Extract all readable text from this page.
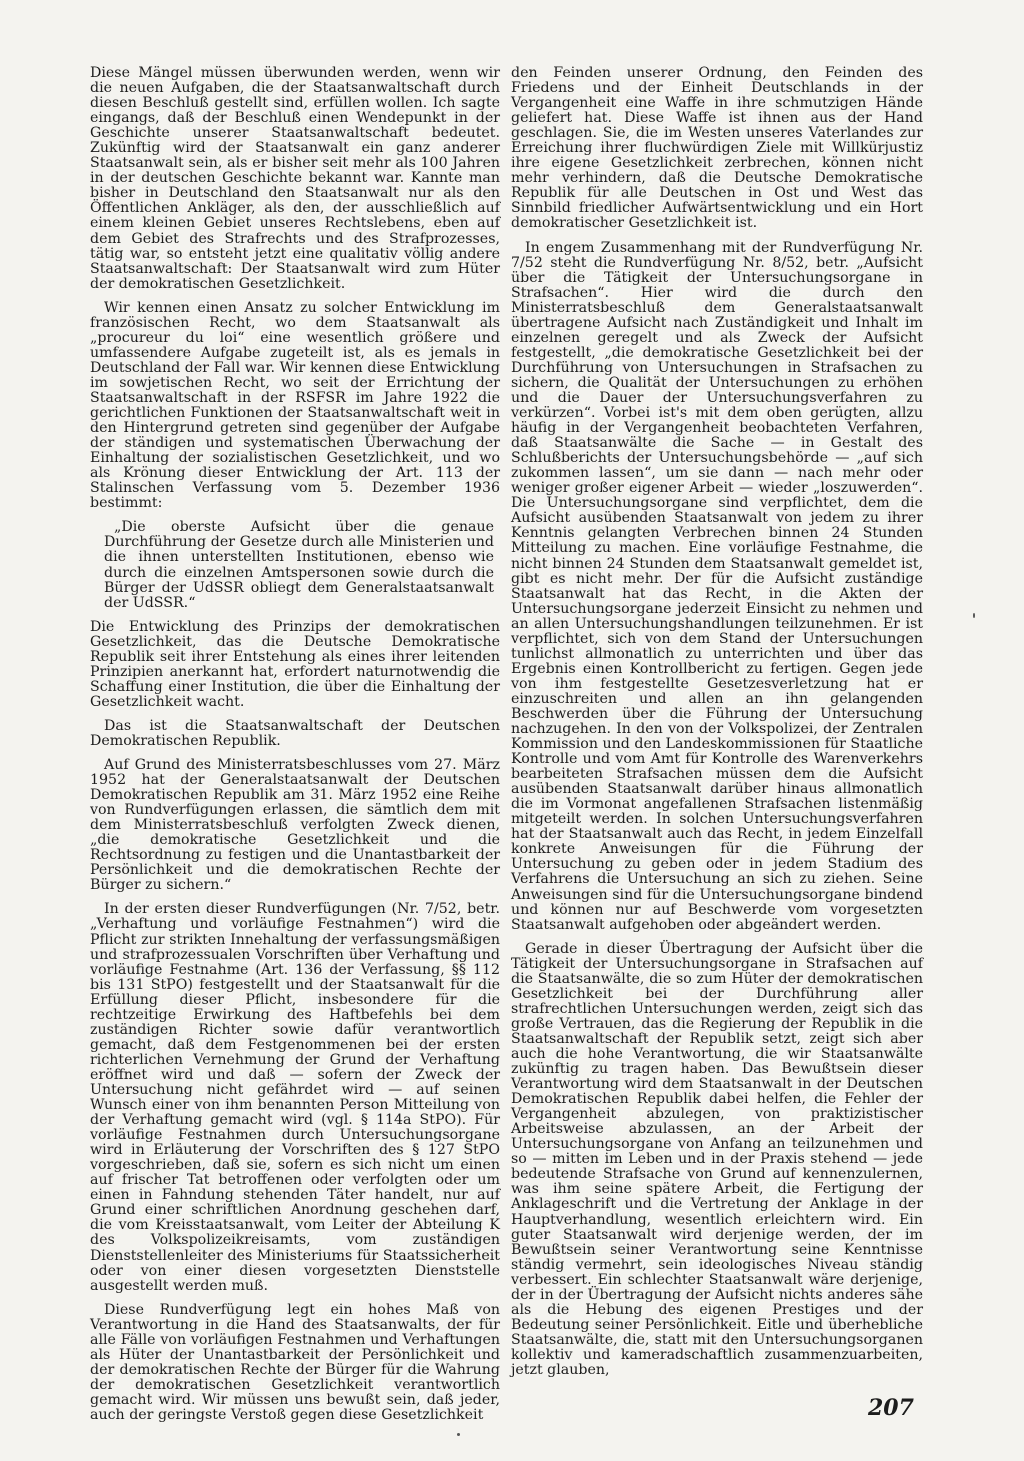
Diese Mängel müssen überwunden werden, wenn wir die neuen Aufgaben, die der Staatsanwaltschaft durch diesen Beschluß gestellt sind, erfüllen wollen. Ich sagte eingangs, daß der Beschluß einen Wendepunkt in der Geschichte unserer Staatsanwaltschaft bedeutet. Zukünftig wird der Staatsanwalt ein ganz anderer Staatsanwalt sein, als er bisher seit mehr als 100 Jahren in der deutschen Geschichte bekannt war. Kannte man bisher in Deutschland den Staatsanwalt nur als den Öffentlichen Ankläger, als den, der ausschließlich auf einem kleinen Gebiet unseres Rechtslebens, eben auf dem Gebiet des Strafrechts und des Strafprozesses, tätig war, so entsteht jetzt eine qualitativ völlig andere Staatsanwaltschaft: Der Staatsanwalt wird zum Hüter der demokratischen Gesetzlichkeit.

Wir kennen einen Ansatz zu solcher Entwicklung im französischen Recht, wo dem Staatsanwalt als „procureur du loi“ eine wesentlich größere und umfassendere Aufgabe zugeteilt ist, als es jemals in Deutschland der Fall war. Wir kennen diese Entwicklung im sowjetischen Recht, wo seit der Errichtung der Staatsanwaltschaft in der RSFSR im Jahre 1922 die gerichtlichen Funktionen der Staatsanwaltschaft weit in den Hintergrund getreten sind gegenüber der Aufgabe der ständigen und systematischen Überwachung der Einhaltung der sozialistischen Gesetzlichkeit, und wo als Krönung dieser Entwicklung der Art. 113 der Stalinschen Verfassung vom 5. Dezember 1936 bestimmt:

„Die oberste Aufsicht über die genaue Durchführung der Gesetze durch alle Ministerien und die ihnen unterstellten Institutionen, ebenso wie durch die einzelnen Amtspersonen sowie durch die Bürger der UdSSR obliegt dem Generalstaatsanwalt der UdSSR.“

Die Entwicklung des Prinzips der demokratischen Gesetzlichkeit, das die Deutsche Demokratische Republik seit ihrer Entstehung als eines ihrer leitenden Prinzipien anerkannt hat, erfordert naturnotwendig die Schaffung einer Institution, die über die Einhaltung der Gesetzlichkeit wacht.

Das ist die Staatsanwaltschaft der Deutschen Demokratischen Republik.

Auf Grund des Ministerratsbeschlusses vom 27. März 1952 hat der Generalstaatsanwalt der Deutschen Demokratischen Republik am 31. März 1952 eine Reihe von Rundverfügungen erlassen, die sämtlich dem mit dem Ministerratsbeschluß verfolgten Zweck dienen, „die demokratische Gesetzlichkeit und die Rechtsordnung zu festigen und die Unantastbarkeit der Persönlichkeit und die demokratischen Rechte der Bürger zu sichern.“

In der ersten dieser Rundverfügungen (Nr. 7/52, betr. „Verhaftung und vorläufige Festnahmen“) wird die Pflicht zur strikten Innehaltung der verfassungsmäßigen und strafprozessualen Vorschriften über Verhaftung und vorläufige Festnahme (Art. 136 der Verfassung, §§ 112 bis 131 StPO) festgestellt und der Staatsanwalt für die Erfüllung dieser Pflicht, insbesondere für die rechtzeitige Erwirkung des Haftbefehls bei dem zuständigen Richter sowie dafür verantwortlich gemacht, daß dem Festgenommenen bei der ersten richterlichen Vernehmung der Grund der Verhaftung eröffnet wird und daß — sofern der Zweck der Untersuchung nicht gefährdet wird — auf seinen Wunsch einer von ihm benannten Person Mitteilung von der Verhaftung gemacht wird (vgl. § 114a StPO). Für vorläufige Festnahmen durch Untersuchungsorgane wird in Erläuterung der Vorschriften des § 127 StPO vorgeschrieben, daß sie, sofern es sich nicht um einen auf frischer Tat betroffenen oder verfolgten oder um einen in Fahndung stehenden Täter handelt, nur auf Grund einer schriftlichen Anordnung geschehen darf, die vom Kreisstaatsanwalt, vom Leiter der Abteilung K des Volkspolizeikreisamts, vom zuständigen Dienststellenleiter des Ministeriums für Staatssicherheit oder von einer diesen vorgesetzten Dienststelle ausgestellt werden muß.

Diese Rundverfügung legt ein hohes Maß von Verantwortung in die Hand des Staatsanwalts, der für alle Fälle von vorläufigen Festnahmen und Verhaftungen als Hüter der Unantastbarkeit der Persönlichkeit und der demokratischen Rechte der Bürger für die Wahrung der demokratischen Gesetzlichkeit verantwortlich gemacht wird. Wir müssen uns bewußt sein, daß jeder, auch der geringste Verstoß gegen diese Gesetzlichkeit

den Feinden unserer Ordnung, den Feinden des Friedens und der Einheit Deutschlands in der Vergangenheit eine Waffe in ihre schmutzigen Hände geliefert hat. Diese Waffe ist ihnen aus der Hand geschlagen. Sie, die im Westen unseres Vaterlandes zur Erreichung ihrer fluchwürdigen Ziele mit Willkürjustiz ihre eigene Gesetzlichkeit zerbrechen, können nicht mehr verhindern, daß die Deutsche Demokratische Republik für alle Deutschen in Ost und West das Sinnbild friedlicher Aufwärtsentwicklung und ein Hort demokratischer Gesetzlichkeit ist.

In engem Zusammenhang mit der Rundverfügung Nr. 7/52 steht die Rundverfügung Nr. 8/52, betr. „Aufsicht über die Tätigkeit der Untersuchungsorgane in Strafsachen“. Hier wird die durch den Ministerratsbeschluß dem Generalstaatsanwalt übertragene Aufsicht nach Zuständigkeit und Inhalt im einzelnen geregelt und als Zweck der Aufsicht festgestellt, „die demokratische Gesetzlichkeit bei der Durchführung von Untersuchungen in Strafsachen zu sichern, die Qualität der Untersuchungen zu erhöhen und die Dauer der Untersuchungsverfahren zu verkürzen“. Vorbei ist's mit dem oben gerügten, allzu häufig in der Vergangenheit beobachteten Verfahren, daß Staatsanwälte die Sache — in Gestalt des Schlußberichts der Untersuchungsbehörde — „auf sich zukommen lassen“, um sie dann — nach mehr oder weniger großer eigener Arbeit — wieder „loszuwerden“. Die Untersuchungsorgane sind verpflichtet, dem die Aufsicht ausübenden Staatsanwalt von jedem zu ihrer Kenntnis gelangten Verbrechen binnen 24 Stunden Mitteilung zu machen. Eine vorläufige Festnahme, die nicht binnen 24 Stunden dem Staatsanwalt gemeldet ist, gibt es nicht mehr. Der für die Aufsicht zuständige Staatsanwalt hat das Recht, in die Akten der Untersuchungsorgane jederzeit Einsicht zu nehmen und an allen Untersuchungshandlungen teilzunehmen. Er ist verpflichtet, sich von dem Stand der Untersuchungen tunlichst allmonatlich zu unterrichten und über das Ergebnis einen Kontrollbericht zu fertigen. Gegen jede von ihm festgestellte Gesetzesverletzung hat er einzuschreiten und allen an ihn gelangenden Beschwerden über die Führung der Untersuchung nachzugehen. In den von der Volkspolizei, der Zentralen Kommission und den Landeskommissionen für Staatliche Kontrolle und vom Amt für Kontrolle des Warenverkehrs bearbeiteten Strafsachen müssen dem die Aufsicht ausübenden Staatsanwalt darüber hinaus allmonatlich die im Vormonat angefallenen Strafsachen listenmäßig mitgeteilt werden. In solchen Untersuchungsverfahren hat der Staatsanwalt auch das Recht, in jedem Einzelfall konkrete Anweisungen für die Führung der Untersuchung zu geben oder in jedem Stadium des Verfahrens die Untersuchung an sich zu ziehen. Seine Anweisungen sind für die Untersuchungsorgane bindend und können nur auf Beschwerde vom vorgesetzten Staatsanwalt aufgehoben oder abgeändert werden.

Gerade in dieser Übertragung der Aufsicht über die Tätigkeit der Untersuchungsorgane in Strafsachen auf die Staatsanwälte, die so zum Hüter der demokratischen Gesetzlichkeit bei der Durchführung aller strafrechtlichen Untersuchungen werden, zeigt sich das große Vertrauen, das die Regierung der Republik in die Staatsanwaltschaft der Republik setzt, zeigt sich aber auch die hohe Verantwortung, die wir Staatsanwälte zukünftig zu tragen haben. Das Bewußtsein dieser Verantwortung wird dem Staatsanwalt in der Deutschen Demokratischen Republik dabei helfen, die Fehler der Vergangenheit abzulegen, von praktizistischer Arbeitsweise abzulassen, an der Arbeit der Untersuchungsorgane von Anfang an teilzunehmen und so — mitten im Leben und in der Praxis stehend — jede bedeutende Strafsache von Grund auf kennenzulernen, was ihm seine spätere Arbeit, die Fertigung der Anklageschrift und die Vertretung der Anklage in der Hauptverhandlung, wesentlich erleichtern wird. Ein guter Staatsanwalt wird derjenige werden, der im Bewußtsein seiner Verantwortung seine Kenntnisse ständig vermehrt, sein ideologisches Niveau ständig verbessert. Ein schlechter Staatsanwalt wäre derjenige, der in der Übertragung der Aufsicht nichts anderes sähe als die Hebung des eigenen Prestiges und der Bedeutung seiner Persönlichkeit. Eitle und überhebliche Staatsanwälte, die, statt mit den Untersuchungsorganen kollektiv und kameradschaftlich zusammenzuarbeiten, jetzt glauben,

207
